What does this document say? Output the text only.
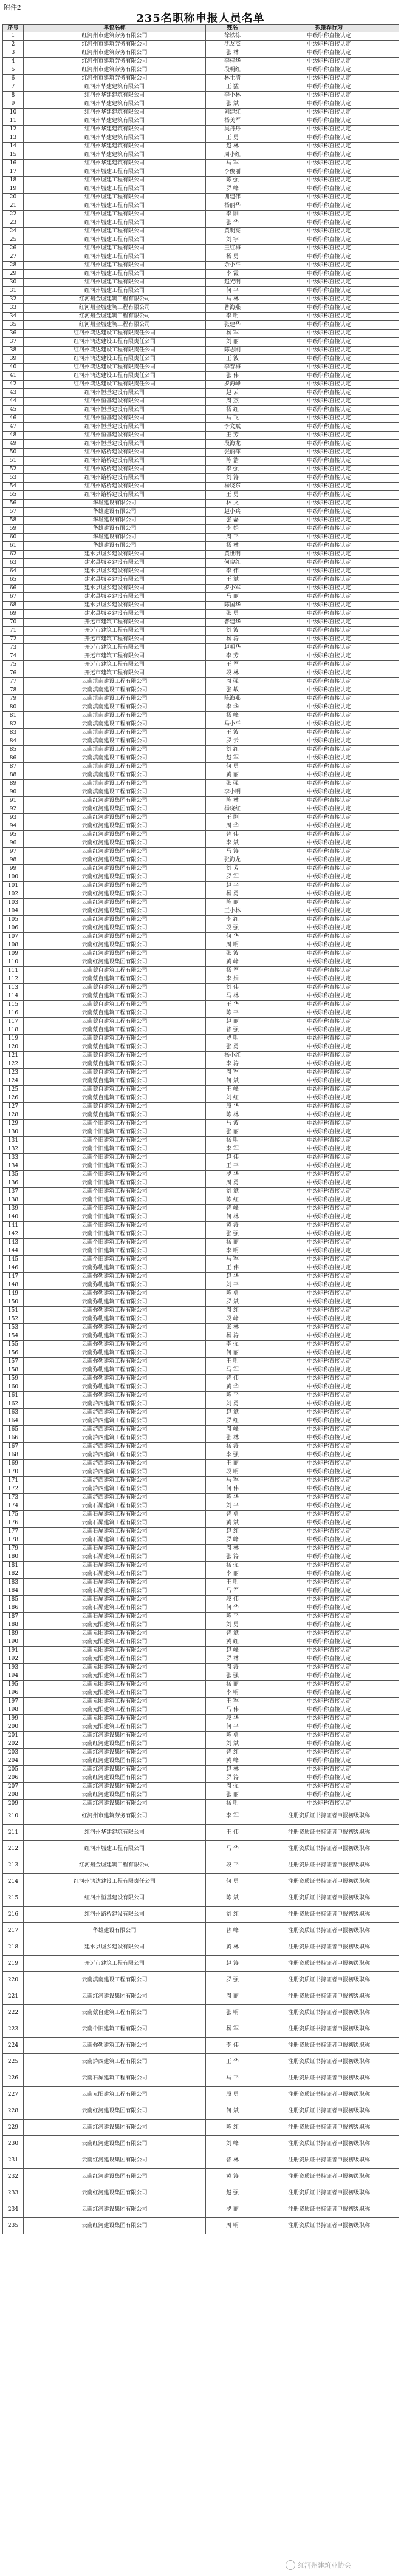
附件2
235名职称申报人员名单
序号	单位名称	姓名	拟推荐行为
1	红河州市建筑劳务有限公司	徐铁栋	中级职称直接认定
2	红河州市建筑劳务有限公司	沈友杰	中级职称直接认定
3	红河州市建筑劳务有限公司	张 林	中级职称直接认定
4	红河州市建筑劳务有限公司	李桂华	中级职称直接认定
5	红河州市建筑劳务有限公司	段明红	中级职称直接认定
6	红河州市建筑劳务有限公司	林士清	中级职称直接认定
7	红河州华建建筑有限公司	王 猛	中级职称直接认定
8	红河州华建建筑有限公司	李小林	中级职称直接认定
9	红河州华建建筑有限公司	张 斌	中级职称直接认定
10	红河州华建建筑有限公司	刘建红	中级职称直接认定
11	红河州华建建筑有限公司	杨美军	中级职称直接认定
12	红河州华建建筑有限公司	吴丹丹	中级职称直接认定
13	红河州华建建筑有限公司	王 勇	中级职称直接认定
14	红河州华建建筑有限公司	赵 林	中级职称直接认定
15	红河州华建建筑有限公司	周小红	中级职称直接认定
16	红河州华建建筑有限公司	马 军	中级职称直接认定
17	红河州城建工程有限公司	李俊丽	中级职称直接认定
18	红河州城建工程有限公司	陈 强	中级职称直接认定
19	红河州城建工程有限公司	罗 峰	中级职称直接认定
20	红河州城建工程有限公司	谢建伟	中级职称直接认定
21	红河州城建工程有限公司	杨丽华	中级职称直接认定
22	红河州城建工程有限公司	李 刚	中级职称直接认定
23	红河州城建工程有限公司	张 华	中级职称直接认定
24	红河州城建工程有限公司	黄明亮	中级职称直接认定
25	红河州城建工程有限公司	刘 宇	中级职称直接认定
26	红河州城建工程有限公司	王红梅	中级职称直接认定
27	红河州城建工程有限公司	杨 勇	中级职称直接认定
28	红河州城建工程有限公司	余小平	中级职称直接认定
29	红河州城建工程有限公司	李 霞	中级职称直接认定
30	红河州城建工程有限公司	赵光明	中级职称直接认定
31	红河州城建工程有限公司	何 平	中级职称直接认定
32	红河州金城建筑工程有限公司	马 林	中级职称直接认定
33	红河州金城建筑工程有限公司	普海燕	中级职称直接认定
34	红河州金城建筑工程有限公司	李 明	中级职称直接认定
35	红河州金城建筑工程有限公司	张建华	中级职称直接认定
36	红河州鸿达建设工程有限责任公司	杨 军	中级职称直接认定
37	红河州鸿达建设工程有限责任公司	刘 丽	中级职称直接认定
38	红河州鸿达建设工程有限责任公司	陈志刚	中级职称直接认定
39	红河州鸿达建设工程有限责任公司	王 波	中级职称直接认定
40	红河州鸿达建设工程有限责任公司	李春梅	中级职称直接认定
41	红河州鸿达建设工程有限责任公司	张 伟	中级职称直接认定
42	红河州鸿达建设工程有限责任公司	罗海峰	中级职称直接认定
43	红河州恒基建设有限公司	赵 云	中级职称直接认定
44	红河州恒基建设有限公司	周 杰	中级职称直接认定
45	红河州恒基建设有限公司	杨 红	中级职称直接认定
46	红河州恒基建设有限公司	马 飞	中级职称直接认定
47	红河州恒基建设有限公司	李文斌	中级职称直接认定
48	红河州恒基建设有限公司	王 芳	中级职称直接认定
49	红河州恒基建设有限公司	段海龙	中级职称直接认定
50	红河州路桥建设有限公司	张丽萍	中级职称直接认定
51	红河州路桥建设有限公司	陈 浩	中级职称直接认定
52	红河州路桥建设有限公司	李 强	中级职称直接认定
53	红河州路桥建设有限公司	刘 涛	中级职称直接认定
54	红河州路桥建设有限公司	杨晓东	中级职称直接认定
55	红河州路桥建设有限公司	王 勇	中级职称直接认定
56	华雄建设有限公司	林 文	中级职称直接认定
57	华雄建设有限公司	赵小兵	中级职称直接认定
58	华雄建设有限公司	张 磊	中级职称直接认定
59	华雄建设有限公司	李 娟	中级职称直接认定
60	华雄建设有限公司	周 平	中级职称直接认定
61	华雄建设有限公司	杨 林	中级职称直接认定
62	建水县城乡建设有限公司	黄世明	中级职称直接认定
63	建水县城乡建设有限公司	何晓红	中级职称直接认定
64	建水县城乡建设有限公司	李 伟	中级职称直接认定
65	建水县城乡建设有限公司	王 斌	中级职称直接认定
66	建水县城乡建设有限公司	罗小军	中级职称直接认定
67	建水县城乡建设有限公司	马 丽	中级职称直接认定
68	建水县城乡建设有限公司	陈国华	中级职称直接认定
69	建水县城乡建设有限公司	张 勇	中级职称直接认定
70	开远市建筑工程有限公司	普建华	中级职称直接认定
71	开远市建筑工程有限公司	刘 波	中级职称直接认定
72	开远市建筑工程有限公司	杨 涛	中级职称直接认定
73	开远市建筑工程有限公司	赵明华	中级职称直接认定
74	开远市建筑工程有限公司	李 芳	中级职称直接认定
75	开远市建筑工程有限公司	王 军	中级职称直接认定
76	开远市建筑工程有限公司	段 林	中级职称直接认定
77	云南滇南建设工程有限公司	周 强	中级职称直接认定
78	云南滇南建设工程有限公司	张 敏	中级职称直接认定
79	云南滇南建设工程有限公司	陈海燕	中级职称直接认定
80	云南滇南建设工程有限公司	李 华	中级职称直接认定
81	云南滇南建设工程有限公司	杨 峰	中级职称直接认定
82	云南滇南建设工程有限公司	马小平	中级职称直接认定
83	云南滇南建设工程有限公司	王 波	中级职称直接认定
84	云南滇南建设工程有限公司	罗 云	中级职称直接认定
85	云南滇南建设工程有限公司	刘 红	中级职称直接认定
86	云南滇南建设工程有限公司	赵 军	中级职称直接认定
87	云南滇南建设工程有限公司	何 勇	中级职称直接认定
88	云南滇南建设工程有限公司	黄 丽	中级职称直接认定
89	云南滇南建设工程有限公司	张 强	中级职称直接认定
90	云南滇南建设工程有限公司	李小明	中级职称直接认定
91	云南红河建设集团有限公司	陈 林	中级职称直接认定
92	云南红河建设集团有限公司	杨晓红	中级职称直接认定
93	云南红河建设集团有限公司	王 刚	中级职称直接认定
94	云南红河建设集团有限公司	周 华	中级职称直接认定
95	云南红河建设集团有限公司	普 伟	中级职称直接认定
96	云南红河建设集团有限公司	李 斌	中级职称直接认定
97	云南红河建设集团有限公司	马 涛	中级职称直接认定
98	云南红河建设集团有限公司	张海龙	中级职称直接认定
99	云南红河建设集团有限公司	刘 芳	中级职称直接认定
100	云南红河建设集团有限公司	罗 军	中级职称直接认定
101	云南红河建设集团有限公司	赵 平	中级职称直接认定
102	云南红河建设集团有限公司	杨 勇	中级职称直接认定
103	云南红河建设集团有限公司	陈 丽	中级职称直接认定
104	云南红河建设集团有限公司	王小林	中级职称直接认定
105	云南红河建设集团有限公司	李 红	中级职称直接认定
106	云南红河建设集团有限公司	段 强	中级职称直接认定
107	云南红河建设集团有限公司	何 华	中级职称直接认定
108	云南红河建设集团有限公司	周 明	中级职称直接认定
109	云南红河建设集团有限公司	张 波	中级职称直接认定
110	云南红河建设集团有限公司	黄 峰	中级职称直接认定
111	云南蒙自建筑工程有限公司	杨 军	中级职称直接认定
112	云南蒙自建筑工程有限公司	李 娟	中级职称直接认定
113	云南蒙自建筑工程有限公司	刘 伟	中级职称直接认定
114	云南蒙自建筑工程有限公司	马 林	中级职称直接认定
115	云南蒙自建筑工程有限公司	王 华	中级职称直接认定
116	云南蒙自建筑工程有限公司	陈 平	中级职称直接认定
117	云南蒙自建筑工程有限公司	赵 丽	中级职称直接认定
118	云南蒙自建筑工程有限公司	普 强	中级职称直接认定
119	云南蒙自建筑工程有限公司	罗 明	中级职称直接认定
120	云南蒙自建筑工程有限公司	张 勇	中级职称直接认定
121	云南蒙自建筑工程有限公司	杨小红	中级职称直接认定
122	云南蒙自建筑工程有限公司	李 涛	中级职称直接认定
123	云南蒙自建筑工程有限公司	周 军	中级职称直接认定
124	云南蒙自建筑工程有限公司	何 斌	中级职称直接认定
125	云南蒙自建筑工程有限公司	王 峰	中级职称直接认定
126	云南蒙自建筑工程有限公司	刘 红	中级职称直接认定
127	云南蒙自建筑工程有限公司	段 华	中级职称直接认定
128	云南蒙自建筑工程有限公司	陈 林	中级职称直接认定
129	云南个旧建筑工程有限公司	马 波	中级职称直接认定
130	云南个旧建筑工程有限公司	张 丽	中级职称直接认定
131	云南个旧建筑工程有限公司	杨 明	中级职称直接认定
132	云南个旧建筑工程有限公司	李 军	中级职称直接认定
133	云南个旧建筑工程有限公司	赵 伟	中级职称直接认定
134	云南个旧建筑工程有限公司	王 平	中级职称直接认定
135	云南个旧建筑工程有限公司	罗 华	中级职称直接认定
136	云南个旧建筑工程有限公司	周 勇	中级职称直接认定
137	云南个旧建筑工程有限公司	刘 斌	中级职称直接认定
138	云南个旧建筑工程有限公司	陈 红	中级职称直接认定
139	云南个旧建筑工程有限公司	普 峰	中级职称直接认定
140	云南个旧建筑工程有限公司	何 林	中级职称直接认定
141	云南个旧建筑工程有限公司	黄 涛	中级职称直接认定
142	云南个旧建筑工程有限公司	张 强	中级职称直接认定
143	云南个旧建筑工程有限公司	杨 丽	中级职称直接认定
144	云南个旧建筑工程有限公司	李 明	中级职称直接认定
145	云南个旧建筑工程有限公司	马 军	中级职称直接认定
146	云南弥勒建筑工程有限公司	王 伟	中级职称直接认定
147	云南弥勒建筑工程有限公司	赵 华	中级职称直接认定
148	云南弥勒建筑工程有限公司	刘 平	中级职称直接认定
149	云南弥勒建筑工程有限公司	陈 勇	中级职称直接认定
150	云南弥勒建筑工程有限公司	罗 斌	中级职称直接认定
151	云南弥勒建筑工程有限公司	周 红	中级职称直接认定
152	云南弥勒建筑工程有限公司	段 峰	中级职称直接认定
153	云南弥勒建筑工程有限公司	张 林	中级职称直接认定
154	云南弥勒建筑工程有限公司	杨 涛	中级职称直接认定
155	云南弥勒建筑工程有限公司	李 强	中级职称直接认定
156	云南弥勒建筑工程有限公司	何 丽	中级职称直接认定
157	云南弥勒建筑工程有限公司	王 明	中级职称直接认定
158	云南弥勒建筑工程有限公司	马 军	中级职称直接认定
159	云南弥勒建筑工程有限公司	普 伟	中级职称直接认定
160	云南弥勒建筑工程有限公司	黄 华	中级职称直接认定
161	云南弥勒建筑工程有限公司	陈 平	中级职称直接认定
162	云南泸西建筑工程有限公司	刘 勇	中级职称直接认定
163	云南泸西建筑工程有限公司	赵 斌	中级职称直接认定
164	云南泸西建筑工程有限公司	罗 红	中级职称直接认定
165	云南泸西建筑工程有限公司	周 峰	中级职称直接认定
166	云南泸西建筑工程有限公司	张 林	中级职称直接认定
167	云南泸西建筑工程有限公司	杨 涛	中级职称直接认定
168	云南泸西建筑工程有限公司	李 强	中级职称直接认定
169	云南泸西建筑工程有限公司	王 丽	中级职称直接认定
170	云南泸西建筑工程有限公司	段 明	中级职称直接认定
171	云南泸西建筑工程有限公司	马 军	中级职称直接认定
172	云南泸西建筑工程有限公司	何 伟	中级职称直接认定
173	云南泸西建筑工程有限公司	陈 华	中级职称直接认定
174	云南石屏建筑工程有限公司	刘 平	中级职称直接认定
175	云南石屏建筑工程有限公司	普 勇	中级职称直接认定
176	云南石屏建筑工程有限公司	黄 斌	中级职称直接认定
177	云南石屏建筑工程有限公司	赵 红	中级职称直接认定
178	云南石屏建筑工程有限公司	罗 峰	中级职称直接认定
179	云南石屏建筑工程有限公司	周 林	中级职称直接认定
180	云南石屏建筑工程有限公司	张 涛	中级职称直接认定
181	云南石屏建筑工程有限公司	杨 强	中级职称直接认定
182	云南石屏建筑工程有限公司	李 丽	中级职称直接认定
183	云南石屏建筑工程有限公司	王 明	中级职称直接认定
184	云南石屏建筑工程有限公司	马 军	中级职称直接认定
185	云南石屏建筑工程有限公司	段 伟	中级职称直接认定
186	云南石屏建筑工程有限公司	何 华	中级职称直接认定
187	云南石屏建筑工程有限公司	陈 平	中级职称直接认定
188	云南元阳建筑工程有限公司	刘 勇	中级职称直接认定
189	云南元阳建筑工程有限公司	普 斌	中级职称直接认定
190	云南元阳建筑工程有限公司	黄 红	中级职称直接认定
191	云南元阳建筑工程有限公司	赵 峰	中级职称直接认定
192	云南元阳建筑工程有限公司	罗 林	中级职称直接认定
193	云南元阳建筑工程有限公司	周 涛	中级职称直接认定
194	云南元阳建筑工程有限公司	张 强	中级职称直接认定
195	云南元阳建筑工程有限公司	杨 丽	中级职称直接认定
196	云南元阳建筑工程有限公司	李 明	中级职称直接认定
197	云南元阳建筑工程有限公司	王 军	中级职称直接认定
198	云南元阳建筑工程有限公司	马 伟	中级职称直接认定
199	云南元阳建筑工程有限公司	段 华	中级职称直接认定
200	云南元阳建筑工程有限公司	何 平	中级职称直接认定
201	云南红河建设集团有限公司	陈 勇	中级职称直接认定
202	云南红河建设集团有限公司	刘 斌	中级职称直接认定
203	云南红河建设集团有限公司	普 红	中级职称直接认定
204	云南红河建设集团有限公司	黄 峰	中级职称直接认定
205	云南红河建设集团有限公司	赵 林	中级职称直接认定
206	云南红河建设集团有限公司	罗 涛	中级职称直接认定
207	云南红河建设集团有限公司	周 强	中级职称直接认定
208	云南红河建设集团有限公司	张 丽	中级职称直接认定
209	云南红河建设集团有限公司	杨 明	中级职称直接认定
210	红河州市建筑劳务有限公司	李 军	注册资质证书持证者申报初级职称
211	红河州华建建筑有限公司	王 伟	注册资质证书持证者申报初级职称
212	红河州城建工程有限公司	马 华	注册资质证书持证者申报初级职称
213	红河州金城建筑工程有限公司	段 平	注册资质证书持证者申报初级职称
214	红河州鸿达建设工程有限责任公司	何 勇	注册资质证书持证者申报初级职称
215	红河州恒基建设有限公司	陈 斌	注册资质证书持证者申报初级职称
216	红河州路桥建设有限公司	刘 红	注册资质证书持证者申报初级职称
217	华雄建设有限公司	普 峰	注册资质证书持证者申报初级职称
218	建水县城乡建设有限公司	黄 林	注册资质证书持证者申报初级职称
219	开远市建筑工程有限公司	赵 涛	注册资质证书持证者申报初级职称
220	云南滇南建设工程有限公司	罗 强	注册资质证书持证者申报初级职称
221	云南红河建设集团有限公司	周 丽	注册资质证书持证者申报初级职称
222	云南蒙自建筑工程有限公司	张 明	注册资质证书持证者申报初级职称
223	云南个旧建筑工程有限公司	杨 军	注册资质证书持证者申报初级职称
224	云南弥勒建筑工程有限公司	李 伟	注册资质证书持证者申报初级职称
225	云南泸西建筑工程有限公司	王 华	注册资质证书持证者申报初级职称
226	云南石屏建筑工程有限公司	马 平	注册资质证书持证者申报初级职称
227	云南元阳建筑工程有限公司	段 勇	注册资质证书持证者申报初级职称
228	云南红河建设集团有限公司	何 斌	注册资质证书持证者申报初级职称
229	云南红河建设集团有限公司	陈 红	注册资质证书持证者申报初级职称
230	云南红河建设集团有限公司	刘 峰	注册资质证书持证者申报初级职称
231	云南红河建设集团有限公司	普 林	注册资质证书持证者申报初级职称
232	云南红河建设集团有限公司	黄 涛	注册资质证书持证者申报初级职称
233	云南红河建设集团有限公司	赵 强	注册资质证书持证者申报初级职称
234	云南红河建设集团有限公司	罗 丽	注册资质证书持证者申报初级职称
235	云南红河建设集团有限公司	周 明	注册资质证书持证者申报初级职称
红河州建筑业协会
